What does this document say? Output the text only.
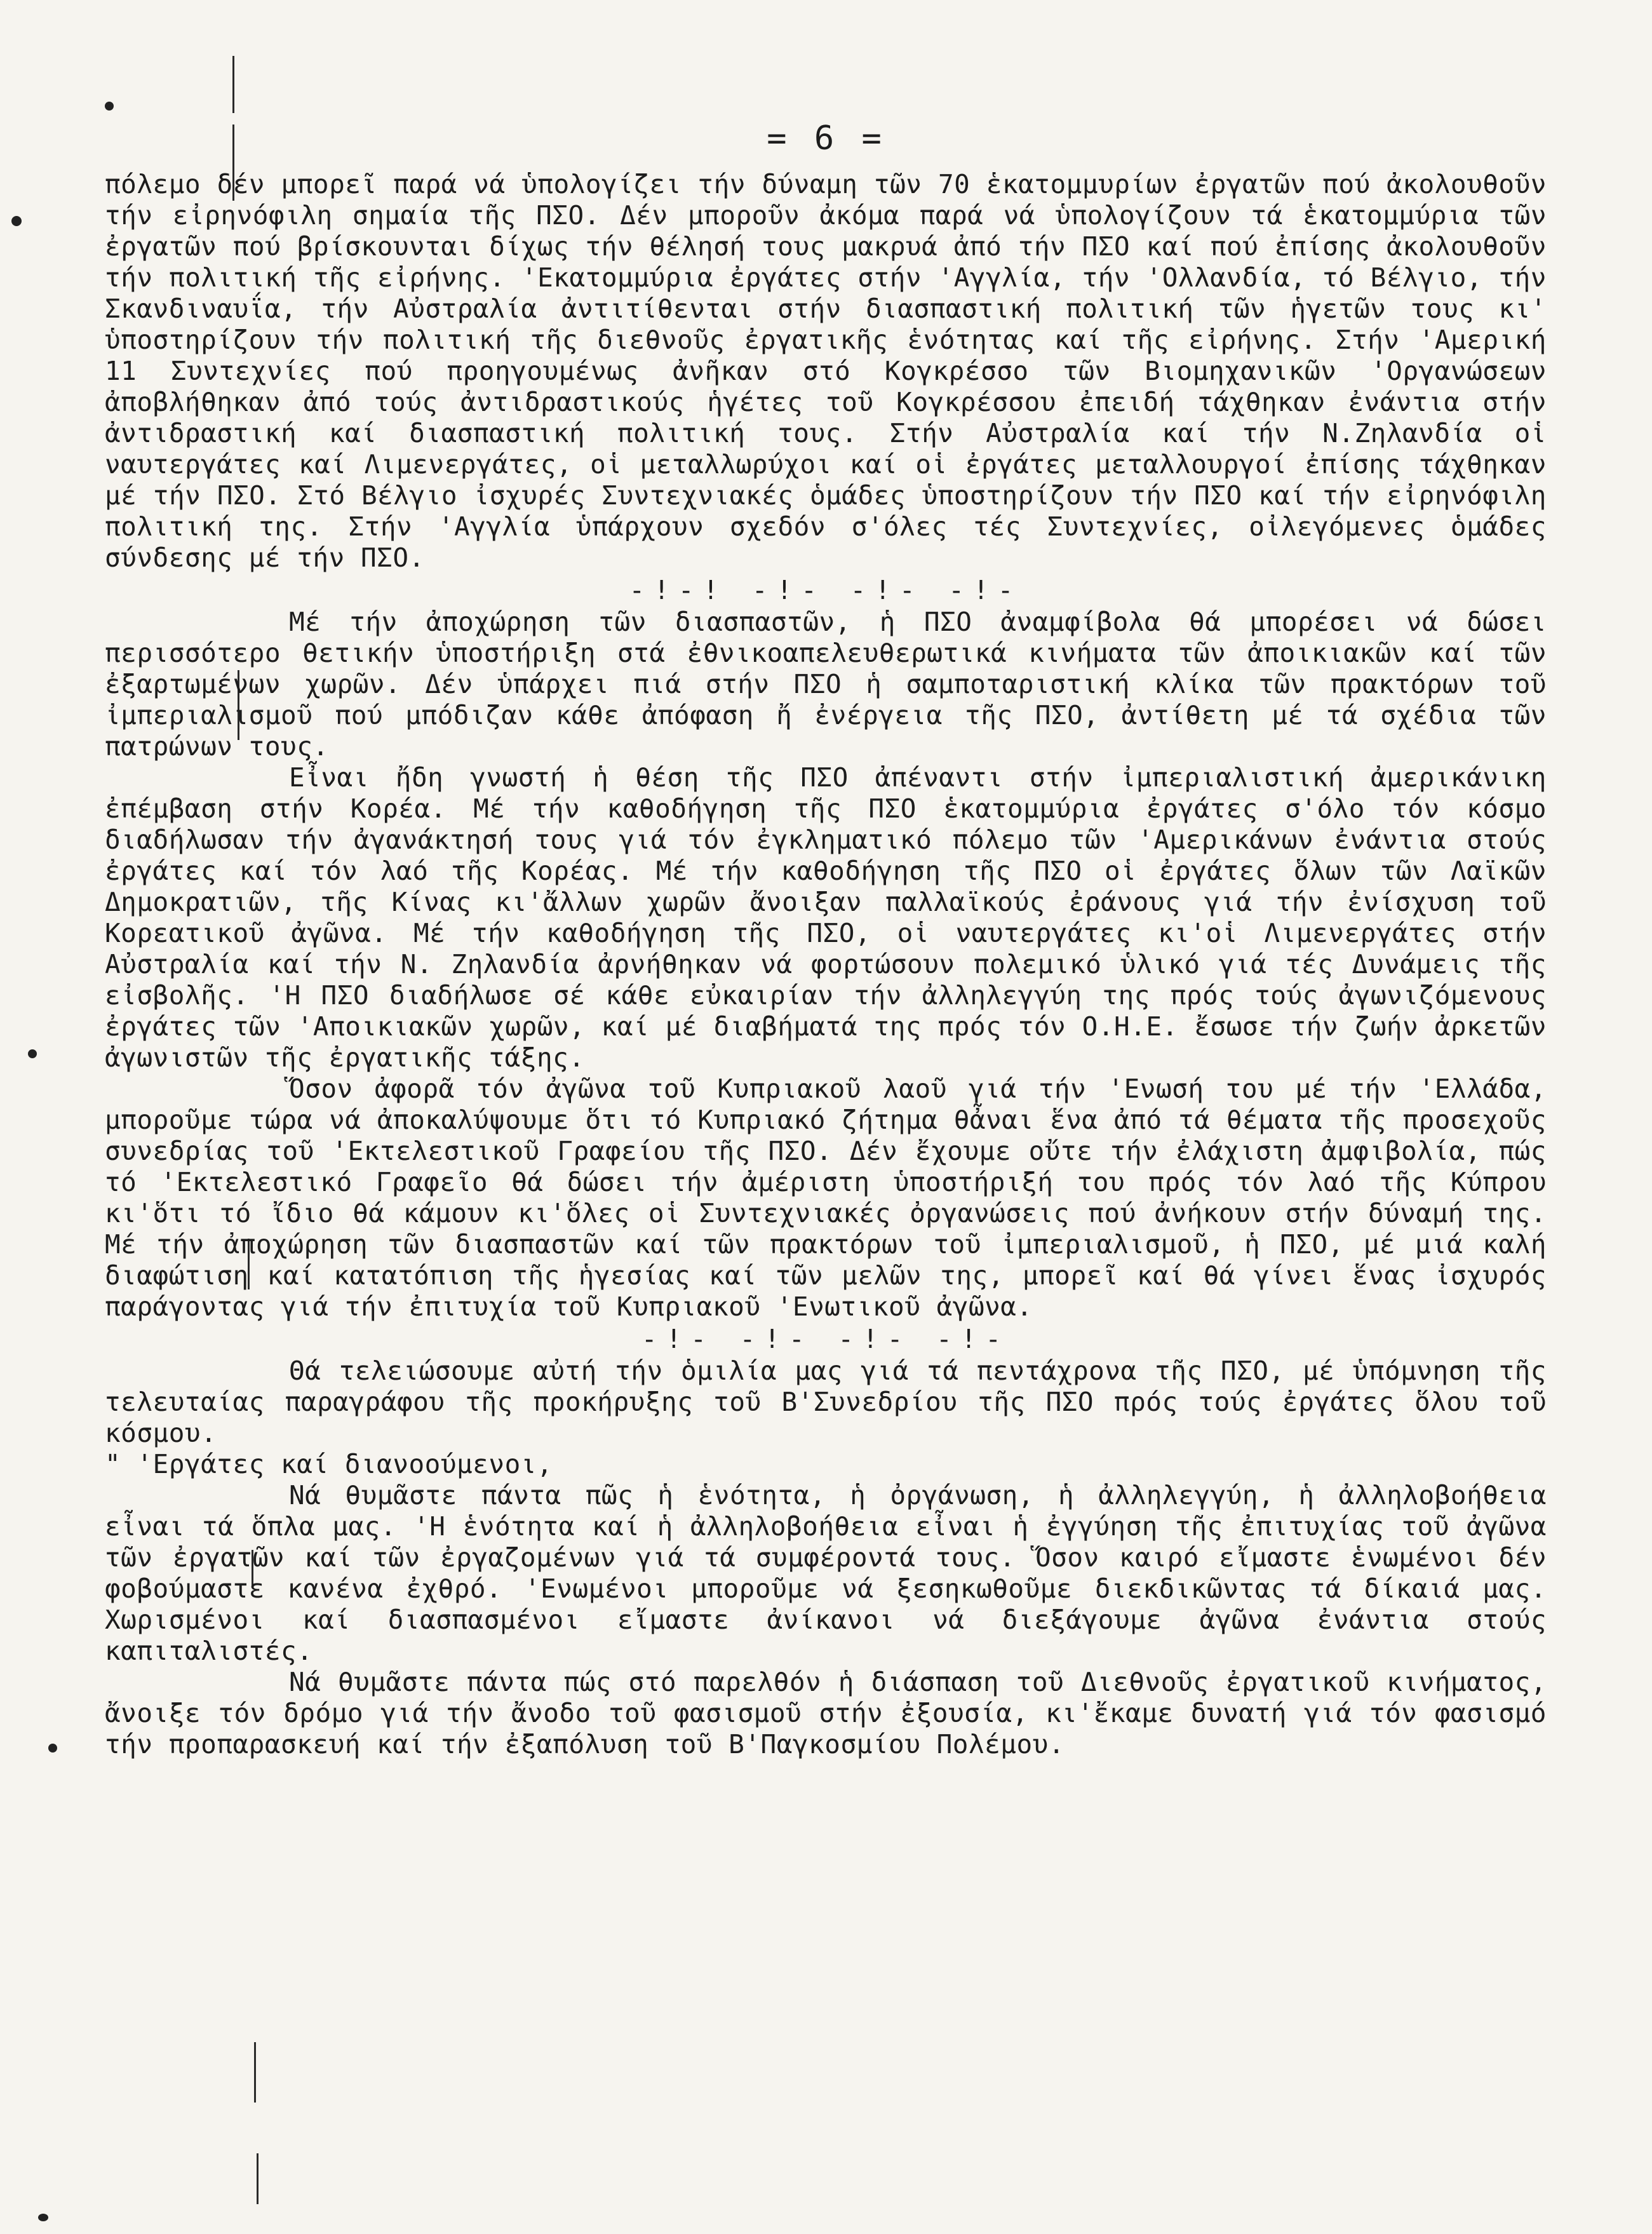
= 6 =

πόλεμο δέν μπορεῖ παρά νά ὑπολογίζει τήν δύναμη τῶν 70 ἑκατομμυρίων ἐργατῶν πού ἀκολουθοῦν τήν εἰρηνόφιλη σημαία τῆς ΠΣΟ. Δέν μποροῦν ἀκόμα παρά νά ὑπολογίζουν τά ἑκατομμύρια τῶν ἐργατῶν πού βρίσκουνται δίχως τήν θέλησή τους μακρυά ἀπό τήν ΠΣΟ καί πού ἐπίσης ἀκολουθοῦν τήν πολιτική τῆς εἰρήνης. 'Εκατομμύρια ἐργάτες στήν 'Αγγλία, τήν 'Ολλανδία, τό Βέλγιο, τήν Σκανδιναυΐα, τήν Αὐστραλία ἀντιτίθενται στήν διασπαστική πολιτική τῶν ἡγετῶν τους κι' ὑποστηρίζουν τήν πολιτική τῆς διεθνοῦς ἐργατικῆς ἑνότητας καί τῆς εἰρήνης. Στήν 'Αμερική 11 Συντεχνίες πού προηγουμένως ἀνῆκαν στό Κογκρέσσο τῶν Βιομηχανικῶν 'Οργανώσεων ἀποβλήθηκαν ἀπό τούς ἀντιδραστικούς ἡγέτες τοῦ Κογκρέσσου ἐπειδή τάχθηκαν ἐνάντια στήν ἀντιδραστική καί διασπαστική πολιτική τους. Στήν Αὐστραλία καί τήν Ν.Ζηλανδία οἱ ναυτεργάτες καί Λιμενεργάτες, οἱ μεταλλωρύχοι καί οἱ ἐργάτες μεταλλουργοί ἐπίσης τάχθηκαν μέ τήν ΠΣΟ. Στό Βέλγιο ἰσχυρές Συντεχνιακές ὁμάδες ὑποστηρίζουν τήν ΠΣΟ καί τήν εἰρηνόφιλη πολιτική της. Στήν 'Αγγλία ὑπάρχουν σχεδόν σ'όλες τές Συντεχνίες, οἰλεγόμενες ὁμάδες σύνδεσης μέ τήν ΠΣΟ.

-!-! -!- -!- -!-

Μέ τήν ἀποχώρηση τῶν διασπαστῶν, ἡ ΠΣΟ ἀναμφίβολα θά μπορέσει νά δώσει περισσότερο θετικήν ὑποστήριξη στά ἐθνικοαπελευθερωτικά κινήματα τῶν ἀποικιακῶν καί τῶν ἐξαρτωμένων χωρῶν. Δέν ὑπάρχει πιά στήν ΠΣΟ ἡ σαμποταριστική κλίκα τῶν πρακτόρων τοῦ ἰμπεριαλισμοῦ πού μπόδιζαν κάθε ἀπόφαση ἤ ἐνέργεια τῆς ΠΣΟ, ἀντίθετη μέ τά σχέδια τῶν πατρώνων τους.

Εἶναι ἤδη γνωστή ἡ θέση τῆς ΠΣΟ ἀπέναντι στήν ἰμπεριαλιστική ἀμερικάνικη ἐπέμβαση στήν Κορέα. Μέ τήν καθοδήγηση τῆς ΠΣΟ ἑκατομμύρια ἐργάτες σ'όλο τόν κόσμο διαδήλωσαν τήν ἀγανάκτησή τους γιά τόν ἐγκληματικό πόλεμο τῶν 'Αμερικάνων ἐνάντια στούς ἐργάτες καί τόν λαό τῆς Κορέας. Μέ τήν καθοδήγηση τῆς ΠΣΟ οἱ ἐργάτες ὅλων τῶν Λαϊκῶν Δημοκρατιῶν, τῆς Κίνας κι'ἄλλων χωρῶν ἄνοιξαν παλλαϊκούς ἐράνους γιά τήν ἐνίσχυση τοῦ Κορεατικοῦ ἀγῶνα. Μέ τήν καθοδήγηση τῆς ΠΣΟ, οἱ ναυτεργάτες κι'οἱ Λιμενεργάτες στήν Αὐστραλία καί τήν Ν. Ζηλανδία ἀρνήθηκαν νά φορτώσουν πολεμικό ὑλικό γιά τές Δυνάμεις τῆς εἰσβολῆς. 'Η ΠΣΟ διαδήλωσε σέ κάθε εὐκαιρίαν τήν ἀλληλεγγύη της πρός τούς ἀγωνιζόμενους ἐργάτες τῶν 'Αποικιακῶν χωρῶν, καί μέ διαβήματά της πρός τόν Ο.Η.Ε. ἔσωσε τήν ζωήν ἀρκετῶν ἀγωνιστῶν τῆς ἐργατικῆς τάξης.

Ὅσον ἀφορᾶ τόν ἀγῶνα τοῦ Κυπριακοῦ λαοῦ γιά τήν 'Ενωσή του μέ τήν 'Ελλάδα, μποροῦμε τώρα νά ἀποκαλύψουμε ὅτι τό Κυπριακό ζήτημα θἆναι ἕνα ἀπό τά θέματα τῆς προσεχοῦς συνεδρίας τοῦ 'Εκτελεστικοῦ Γραφείου τῆς ΠΣΟ. Δέν ἔχουμε οὔτε τήν ἐλάχιστη ἀμφιβολία, πώς τό 'Εκτελεστικό Γραφεῖο θά δώσει τήν ἀμέριστη ὑποστήριξή του πρός τόν λαό τῆς Κύπρου κι'ὅτι τό ἴδιο θά κάμουν κι'ὅλες οἱ Συντεχνιακές ὀργανώσεις πού ἀνήκουν στήν δύναμή της. Μέ τήν ἀποχώρηση τῶν διασπαστῶν καί τῶν πρακτόρων τοῦ ἰμπεριαλισμοῦ, ἡ ΠΣΟ, μέ μιά καλή διαφώτιση καί κατατόπιση τῆς ἡγεσίας καί τῶν μελῶν της, μπορεῖ καί θά γίνει ἕνας ἰσχυρός παράγοντας γιά τήν ἐπιτυχία τοῦ Κυπριακοῦ 'Ενωτικοῦ ἀγῶνα.

-!- -!- -!- -!-

Θά τελειώσουμε αὐτή τήν ὁμιλία μας γιά τά πεντάχρονα τῆς ΠΣΟ, μέ ὑπόμνηση τῆς τελευταίας παραγράφου τῆς προκήρυξης τοῦ Β'Συνεδρίου τῆς ΠΣΟ πρός τούς ἐργάτες ὅλου τοῦ κόσμου.

" 'Εργάτες καί διανοούμενοι,

Νά θυμᾶστε πάντα πῶς ἡ ἑνότητα, ἡ ὀργάνωση, ἡ ἀλληλεγγύη, ἡ ἀλληλοβοήθεια εἶναι τά ὅπλα μας. 'Η ἑνότητα καί ἡ ἀλληλοβοήθεια εἶναι ἡ ἐγγύηση τῆς ἐπιτυχίας τοῦ ἀγῶνα τῶν ἐργατῶν καί τῶν ἐργαζομένων γιά τά συμφέροντά τους. Ὅσον καιρό εἴμαστε ἑνωμένοι δέν φοβούμαστε κανένα ἐχθρό. 'Ενωμένοι μποροῦμε νά ξεσηκωθοῦμε διεκδικῶντας τά δίκαιά μας. Χωρισμένοι καί διασπασμένοι εἴμαστε ἀνίκανοι νά διεξάγουμε ἀγῶνα ἐνάντια στούς καπιταλιστές.

Νά θυμᾶστε πάντα πώς στό παρελθόν ἡ διάσπαση τοῦ Διεθνοῦς ἐργατικοῦ κινήματος, ἄνοιξε τόν δρόμο γιά τήν ἄνοδο τοῦ φασισμοῦ στήν ἐξουσία, κι'ἔκαμε δυνατή γιά τόν φασισμό τήν προπαρασκευή καί τήν ἐξαπόλυση τοῦ Β'Παγκοσμίου Πολέμου.
